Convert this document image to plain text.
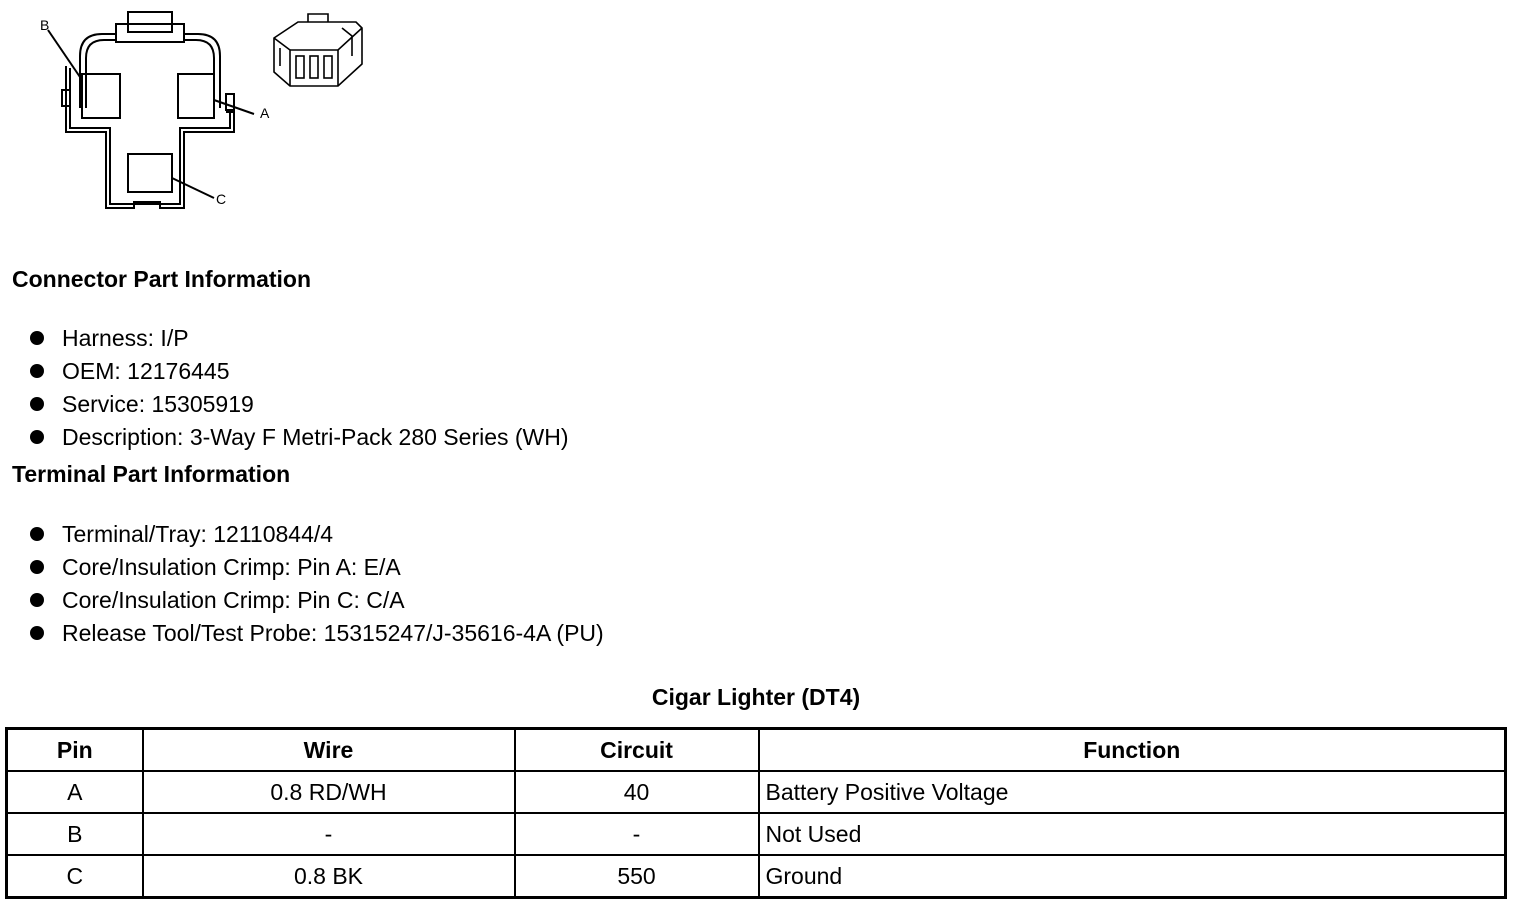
B
A
C
Connector Part Information
Harness: I/P
OEM: 12176445
Service: 15305919
Description: 3-Way F Metri-Pack 280 Series (WH)
Terminal Part Information
Terminal/Tray: 12110844/4
Core/Insulation Crimp: Pin A: E/A
Core/Insulation Crimp: Pin C: C/A
Release Tool/Test Probe: 15315247/J-35616-4A (PU)
Cigar Lighter (DT4)
Pin	Wire	Circuit	Function
A	0.8 RD/WH	40	Battery Positive Voltage
B	-	-	Not Used
C	0.8 BK	550	Ground
